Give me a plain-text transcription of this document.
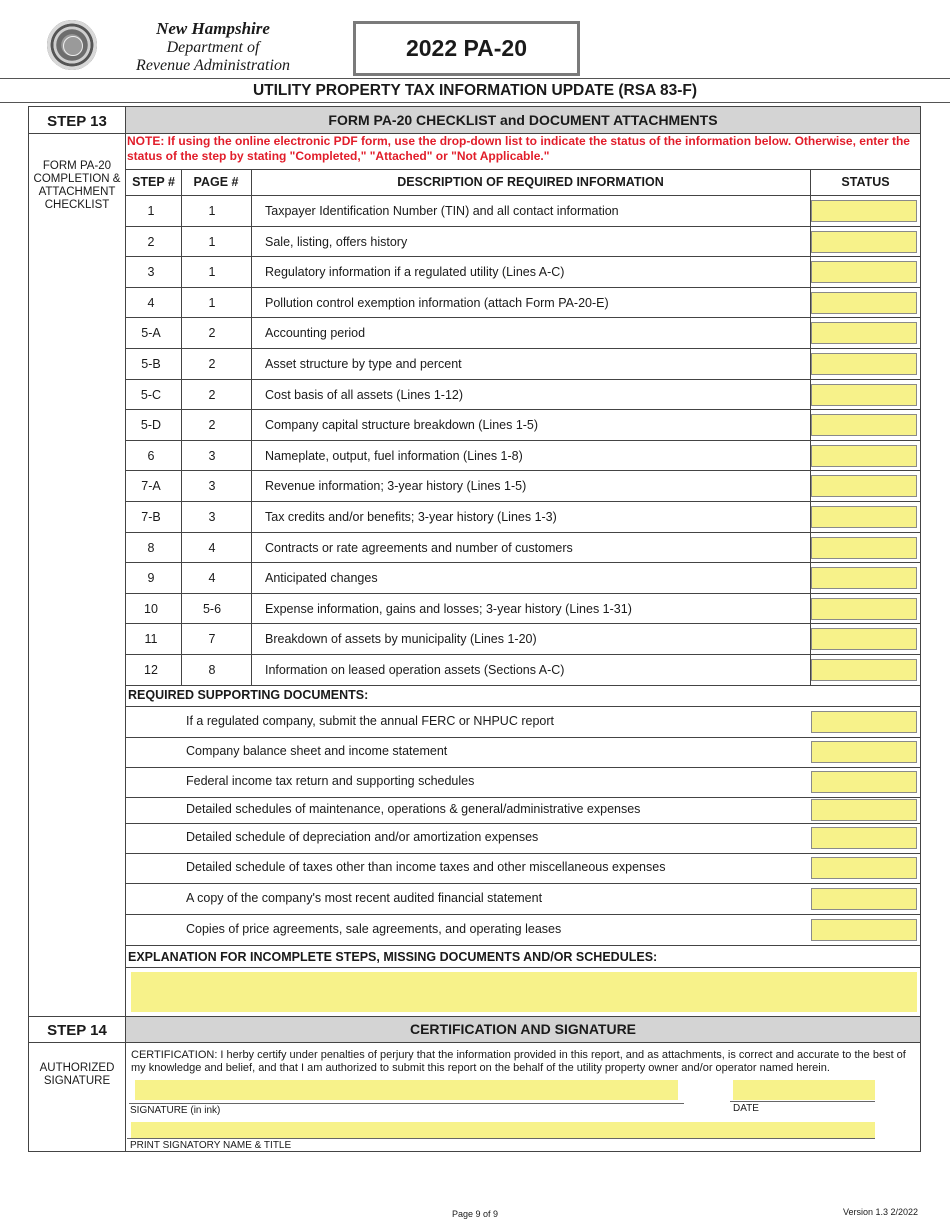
New Hampshire
Department of
Revenue Administration
2022 PA-20
UTILITY PROPERTY TAX INFORMATION UPDATE (RSA 83-F)
STEP 13	FORM PA-20 CHECKLIST and DOCUMENT ATTACHMENTS
FORM PA-20 COMPLETION & ATTACHMENT CHECKLIST
NOTE: If using the online electronic PDF form, use the drop-down list to indicate the status of the information below. Otherwise, enter the status of the step by stating "Completed," "Attached" or "Not Applicable."
STEP #	PAGE #	DESCRIPTION OF REQUIRED INFORMATION	STATUS
1	1	Taxpayer Identification Number (TIN) and all contact information
2	1	Sale, listing, offers history
3	1	Regulatory information if a regulated utility (Lines A-C)
4	1	Pollution control exemption information (attach Form PA-20-E)
5-A	2	Accounting period
5-B	2	Asset structure by type and percent
5-C	2	Cost basis of all assets (Lines 1-12)
5-D	2	Company capital structure breakdown (Lines 1-5)
6	3	Nameplate, output, fuel information (Lines 1-8)
7-A	3	Revenue information; 3-year history (Lines 1-5)
7-B	3	Tax credits and/or benefits; 3-year history (Lines 1-3)
8	4	Contracts or rate agreements and number of customers
9	4	Anticipated changes
10	5-6	Expense information, gains and losses; 3-year history (Lines 1-31)
11	7	Breakdown of assets by municipality (Lines 1-20)
12	8	Information on leased operation assets (Sections A-C)
REQUIRED SUPPORTING DOCUMENTS:
If a regulated company, submit the annual FERC or NHPUC report
Company balance sheet and income statement
Federal income tax return and supporting schedules
Detailed schedules of maintenance, operations & general/administrative expenses
Detailed schedule of depreciation and/or amortization expenses
Detailed schedule of taxes other than income taxes and other miscellaneous expenses
A copy of the company's most recent audited financial statement
Copies of price agreements, sale agreements, and operating leases
EXPLANATION FOR INCOMPLETE STEPS, MISSING DOCUMENTS AND/OR SCHEDULES:
STEP 14	CERTIFICATION AND SIGNATURE
AUTHORIZED SIGNATURE
CERTIFICATION: I herby certify under penalties of perjury that the information provided in this report, and as attachments, is correct and accurate to the best of my knowledge and belief, and that I am authorized to submit this report on the behalf of the utility property owner and/or operator named herein.
SIGNATURE (in ink)	DATE
PRINT SIGNATORY NAME & TITLE
Page 9 of 9	Version 1.3 2/2022
